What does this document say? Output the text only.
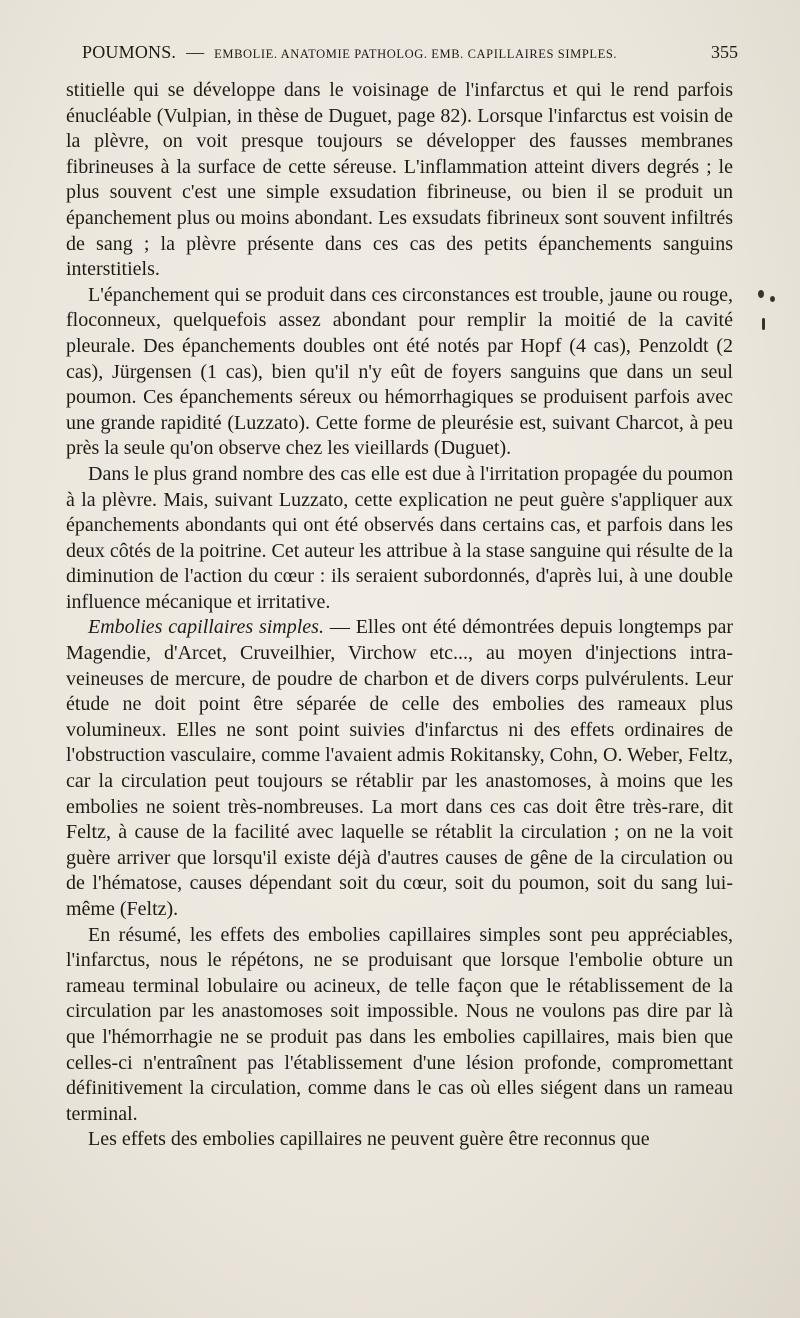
POUMONS. — EMBOLIE. ANATOMIE PATHOLOG. EMB. CAPILLAIRES SIMPLES.	355

stitielle qui se développe dans le voisinage de l'infarctus et qui le rend parfois énucléable (Vulpian, in thèse de Duguet, page 82). Lorsque l'infarctus est voisin de la plèvre, on voit presque toujours se développer des fausses membranes fibrineuses à la surface de cette séreuse. L'inflammation atteint divers degrés ; le plus souvent c'est une simple exsudation fibrineuse, ou bien il se produit un épanchement plus ou moins abondant. Les exsudats fibrineux sont souvent infiltrés de sang ; la plèvre présente dans ces cas des petits épanchements sanguins interstitiels.

L'épanchement qui se produit dans ces circonstances est trouble, jaune ou rouge, floconneux, quelquefois assez abondant pour remplir la moitié de la cavité pleurale. Des épanchements doubles ont été notés par Hopf (4 cas), Penzoldt (2 cas), Jürgensen (1 cas), bien qu'il n'y eût de foyers sanguins que dans un seul poumon. Ces épanchements séreux ou hémorrhagiques se produisent parfois avec une grande rapidité (Luzzato). Cette forme de pleurésie est, suivant Charcot, à peu près la seule qu'on observe chez les vieillards (Duguet).

Dans le plus grand nombre des cas elle est due à l'irritation propagée du poumon à la plèvre. Mais, suivant Luzzato, cette explication ne peut guère s'appliquer aux épanchements abondants qui ont été observés dans certains cas, et parfois dans les deux côtés de la poitrine. Cet auteur les attribue à la stase sanguine qui résulte de la diminution de l'action du cœur : ils seraient subordonnés, d'après lui, à une double influence mécanique et irritative.

Embolies capillaires simples. — Elles ont été démontrées depuis longtemps par Magendie, d'Arcet, Cruveilhier, Virchow etc..., au moyen d'injections intra-veineuses de mercure, de poudre de charbon et de divers corps pulvérulents. Leur étude ne doit point être séparée de celle des embolies des rameaux plus volumineux. Elles ne sont point suivies d'infarctus ni des effets ordinaires de l'obstruction vasculaire, comme l'avaient admis Rokitansky, Cohn, O. Weber, Feltz, car la circulation peut toujours se rétablir par les anastomoses, à moins que les embolies ne soient très-nombreuses. La mort dans ces cas doit être très-rare, dit Feltz, à cause de la facilité avec laquelle se rétablit la circulation ; on ne la voit guère arriver que lorsqu'il existe déjà d'autres causes de gêne de la circulation ou de l'hématose, causes dépendant soit du cœur, soit du poumon, soit du sang lui-même (Feltz).

En résumé, les effets des embolies capillaires simples sont peu appréciables, l'infarctus, nous le répétons, ne se produisant que lorsque l'embolie obture un rameau terminal lobulaire ou acineux, de telle façon que le rétablissement de la circulation par les anastomoses soit impossible. Nous ne voulons pas dire par là que l'hémorrhagie ne se produit pas dans les embolies capillaires, mais bien que celles-ci n'entraînent pas l'établissement d'une lésion profonde, compromettant définitivement la circulation, comme dans le cas où elles siégent dans un rameau terminal.

Les effets des embolies capillaires ne peuvent guère être reconnus que
